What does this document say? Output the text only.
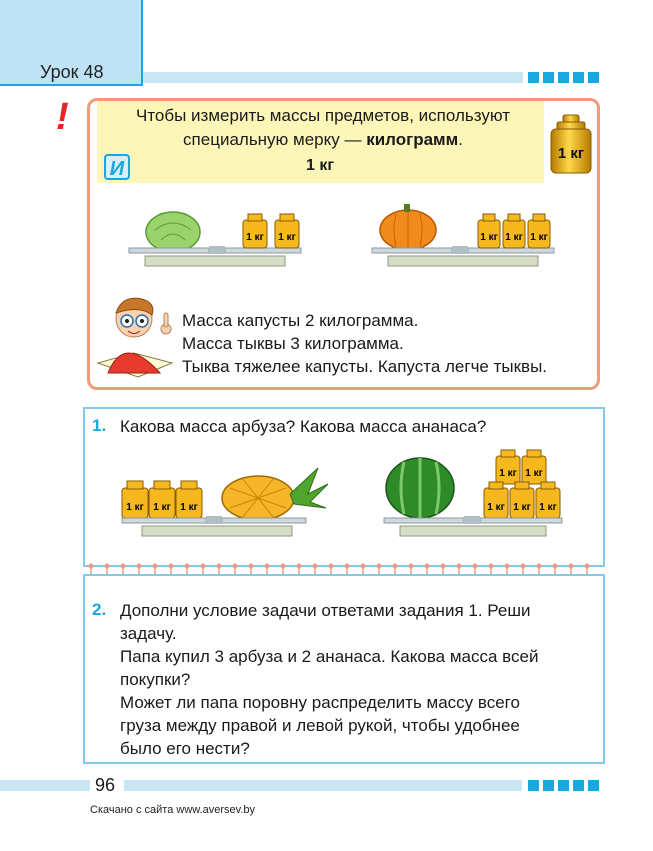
Урок 48
!	Чтобы измерить массы предметов, используют
специальную мерку — килограмм.
И	1 кг
1 кг
1 кг 1 кг	1 кг 1 кг 1 кг
Масса капусты 2 килограмма.
Масса тыквы 3 килограмма.
Тыква тяжелее капусты. Капуста легче тыквы.
1. Какова масса арбуза? Какова масса ананаса?
1 кг 1 кг 1 кг
1 кг 1 кг
1 кг 1 кг 1 кг
2. Дополни условие задачи ответами задания 1. Реши
задачу.
Папа купил 3 арбуза и 2 ананаса. Какова масса всей
покупки?
Может ли папа поровну распределить массу всего
груза между правой и левой рукой, чтобы удобнее
было его нести?
96
Скачано с сайта www.aversev.by
